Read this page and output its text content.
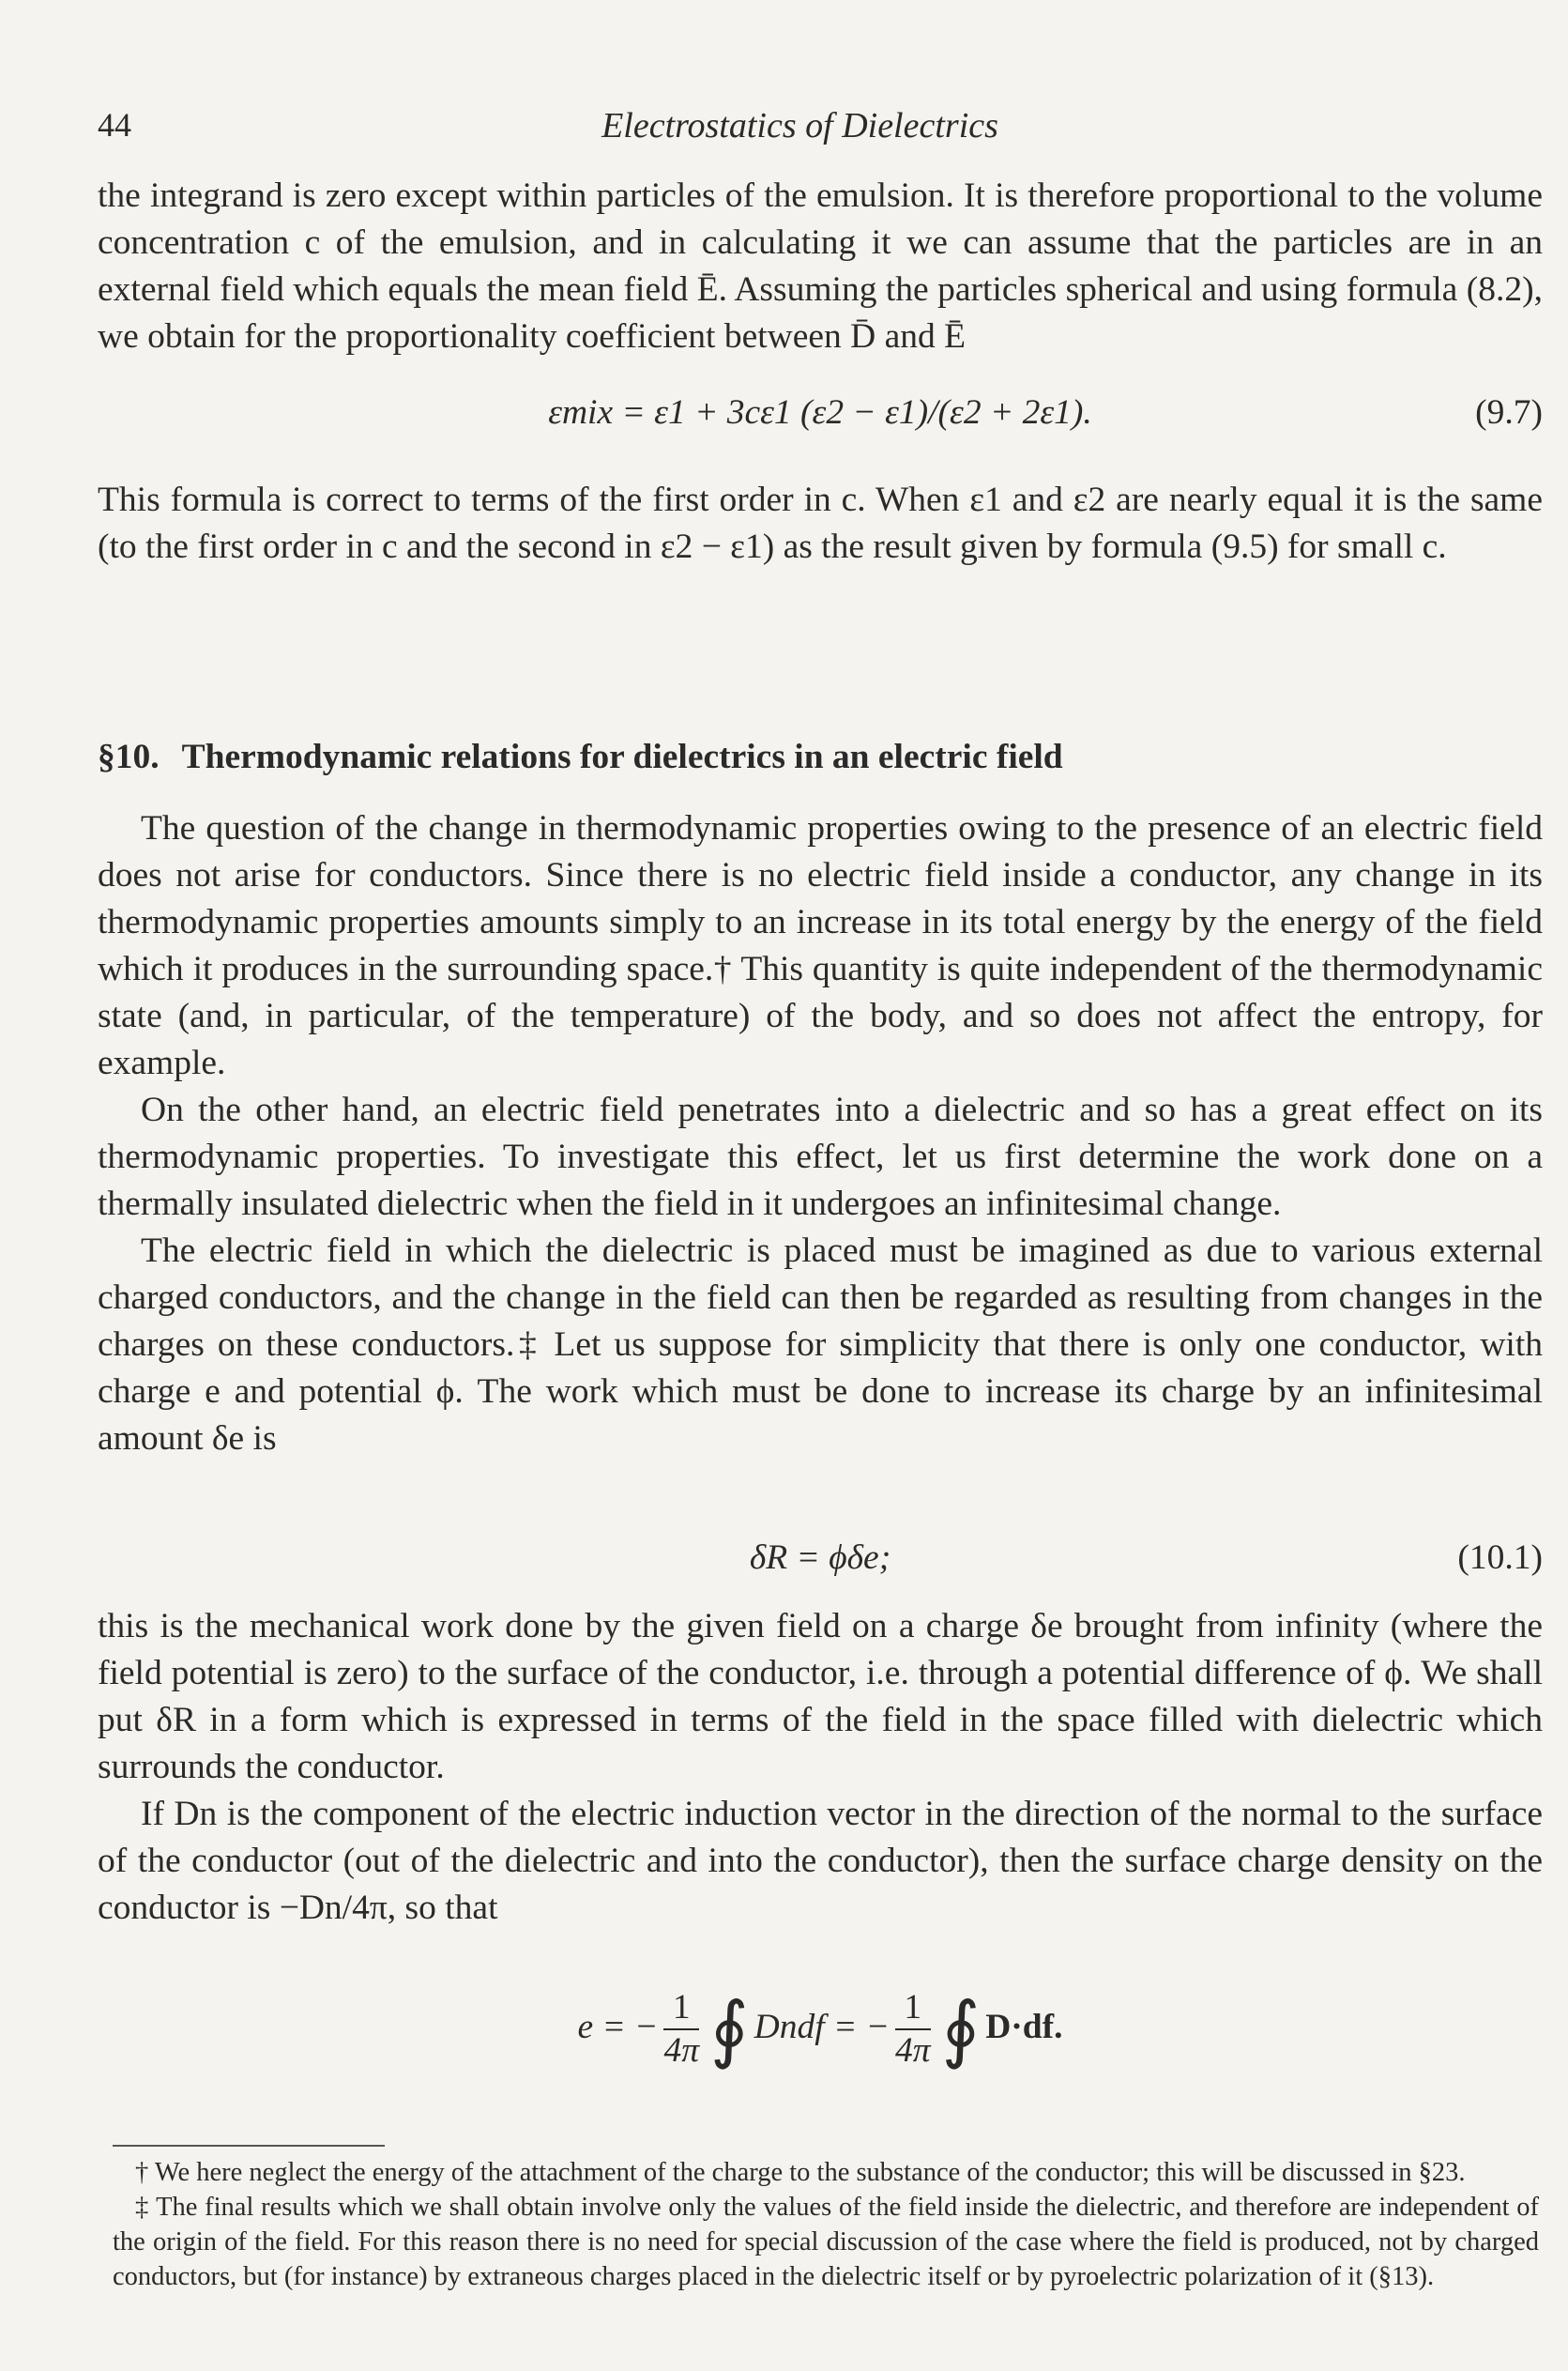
44	Electrostatics of Dielectrics

the integrand is zero except within particles of the emulsion. It is therefore proportional to the volume concentration c of the emulsion, and in calculating it we can assume that the particles are in an external field which equals the mean field Ē. Assuming the particles spherical and using formula (8.2), we obtain for the proportionality coefficient between D̄ and Ē

εmix = ε1 + 3cε1 (ε2 − ε1)/(ε2 + 2ε1).	(9.7)

This formula is correct to terms of the first order in c. When ε1 and ε2 are nearly equal it is the same (to the first order in c and the second in ε2 − ε1) as the result given by formula (9.5) for small c.

§10. Thermodynamic relations for dielectrics in an electric field

The question of the change in thermodynamic properties owing to the presence of an electric field does not arise for conductors. Since there is no electric field inside a conductor, any change in its thermodynamic properties amounts simply to an increase in its total energy by the energy of the field which it produces in the surrounding space.† This quantity is quite independent of the thermodynamic state (and, in particular, of the temperature) of the body, and so does not affect the entropy, for example.

On the other hand, an electric field penetrates into a dielectric and so has a great effect on its thermodynamic properties. To investigate this effect, let us first determine the work done on a thermally insulated dielectric when the field in it undergoes an infinitesimal change.

The electric field in which the dielectric is placed must be imagined as due to various external charged conductors, and the change in the field can then be regarded as resulting from changes in the charges on these conductors.‡ Let us suppose for simplicity that there is only one conductor, with charge e and potential ϕ. The work which must be done to increase its charge by an infinitesimal amount δe is

δR = ϕδe;	(10.1)

this is the mechanical work done by the given field on a charge δe brought from infinity (where the field potential is zero) to the surface of the conductor, i.e. through a potential difference of ϕ. We shall put δR in a form which is expressed in terms of the field in the space filled with dielectric which surrounds the conductor.

If Dn is the component of the electric induction vector in the direction of the normal to the surface of the conductor (out of the dielectric and into the conductor), then the surface charge density on the conductor is −Dn/4π, so that

e = − $\frac{1}{4\pi}$ ∮ Dndf = − $\frac{1}{4\pi}$ ∮ D·df.

† We here neglect the energy of the attachment of the charge to the substance of the conductor; this will be discussed in §23.

‡ The final results which we shall obtain involve only the values of the field inside the dielectric, and therefore are independent of the origin of the field. For this reason there is no need for special discussion of the case where the field is produced, not by charged conductors, but (for instance) by extraneous charges placed in the dielectric itself or by pyroelectric polarization of it (§13).
